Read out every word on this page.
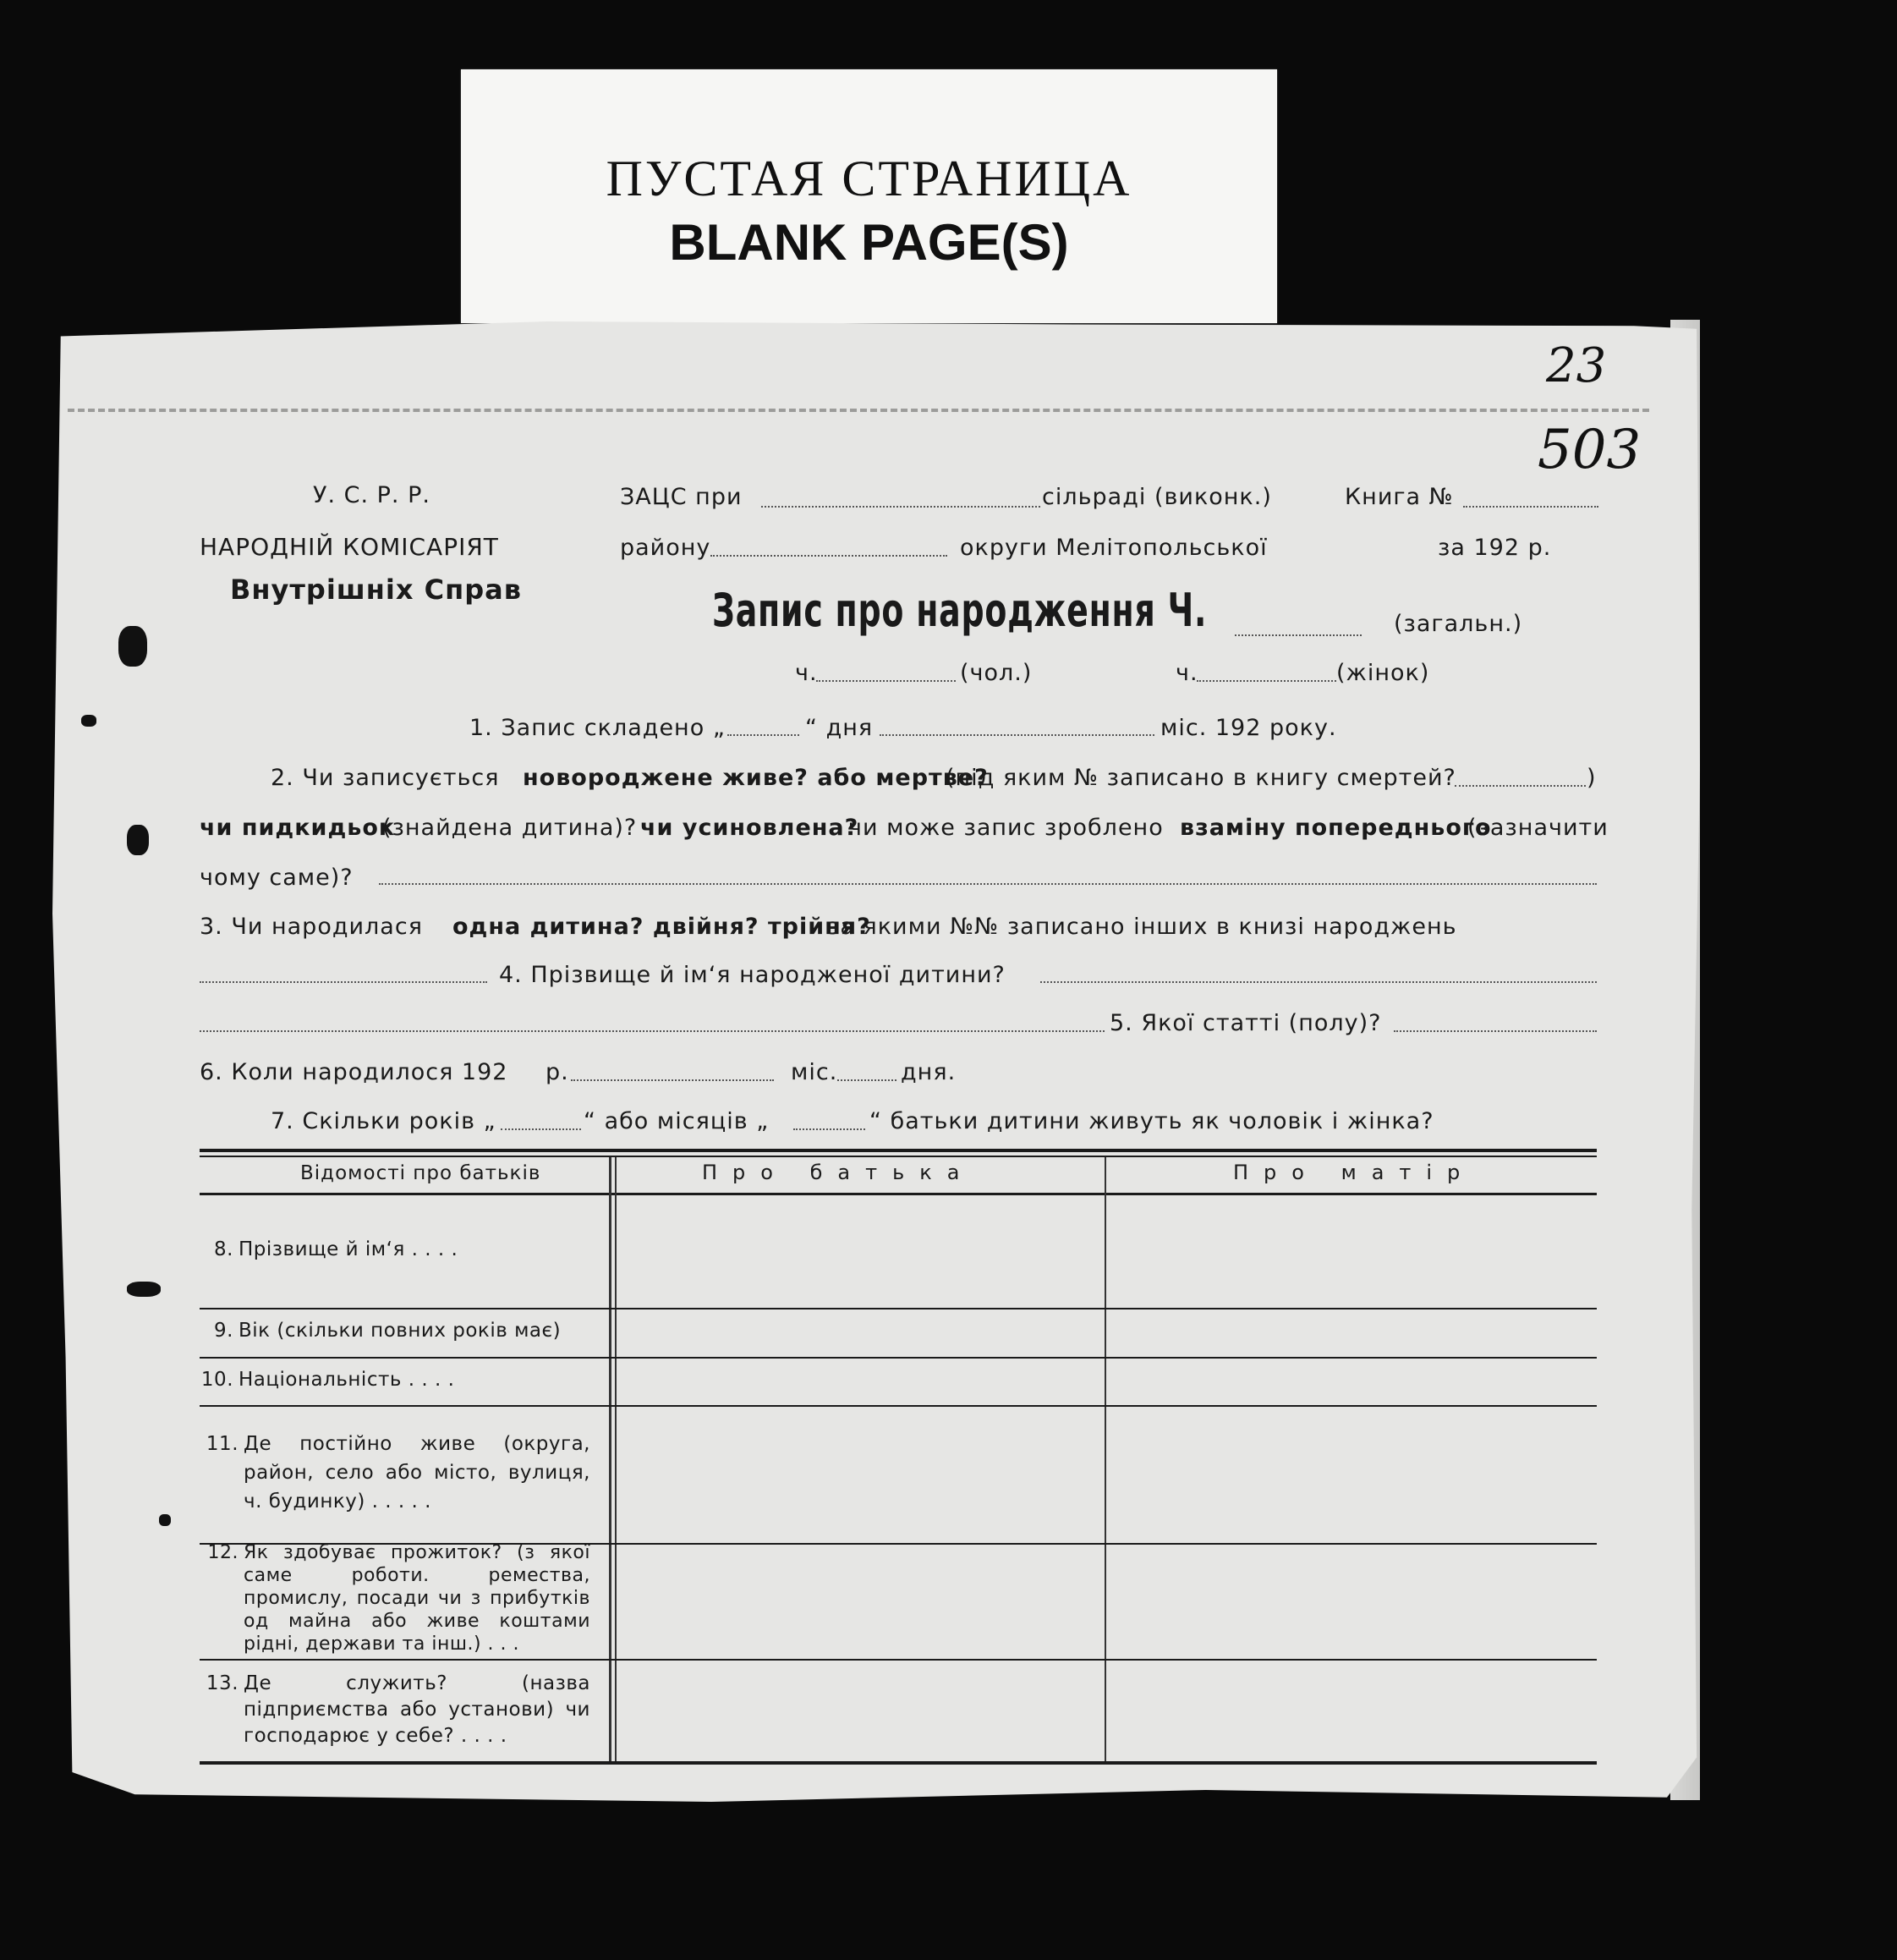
ПУСТАЯ СТРАНИЦА
BLANK PAGE(S)
23
503
У. С. Р. Р.
НАРОДНІЙ КОМІСАРІЯТ
Внутрішніх Справ
ЗАЦС при	сільраді (виконк.)	Книга №
району	округи Мелітопольської	за 192 р.
Запис про народження Ч.	(загальн.)
ч.	(чол.)	ч.	(жінок)
1. Запис складено „	“ дня	міс. 192 року.
2. Чи записується новороджене живе? або мертве?
(під яким № записано в книгу смертей?	)
чи пидкидьок
(знайдена дитина)? чи усиновлена?
чи може запис зроблено взаміну попереднього
(зазначити
чому саме)?
3. Чи народилася одна дитина? двійня? трійня?
за якими №№ записано інших в книзі народжень
4. Прізвище й ім‘я народженої дитини?
5. Якої статті (полу)?
6. Коли народилося 192 р.	міс.	дня.
7. Скільки років „	“ або місяців „	“ батьки дитини живуть як чоловік і жінка?
Відомості про батьків	Про батька	Про матір
8. Прізвище й ім‘я . . . .
9. Вік (скільки повних років має)
10. Національність . . . .
11. Де постійно живе (округа, район, село або місто, вулиця, ч. будинку) . . . . .
12. Як здобуває прожиток? (з якої саме роботи. ремества, промислу, посади чи з прибутків од майна або живе коштами рідні, держави та інш.) . . .
13. Де служить? (назва підприємства або установи) чи господарює у себе? . . . .
